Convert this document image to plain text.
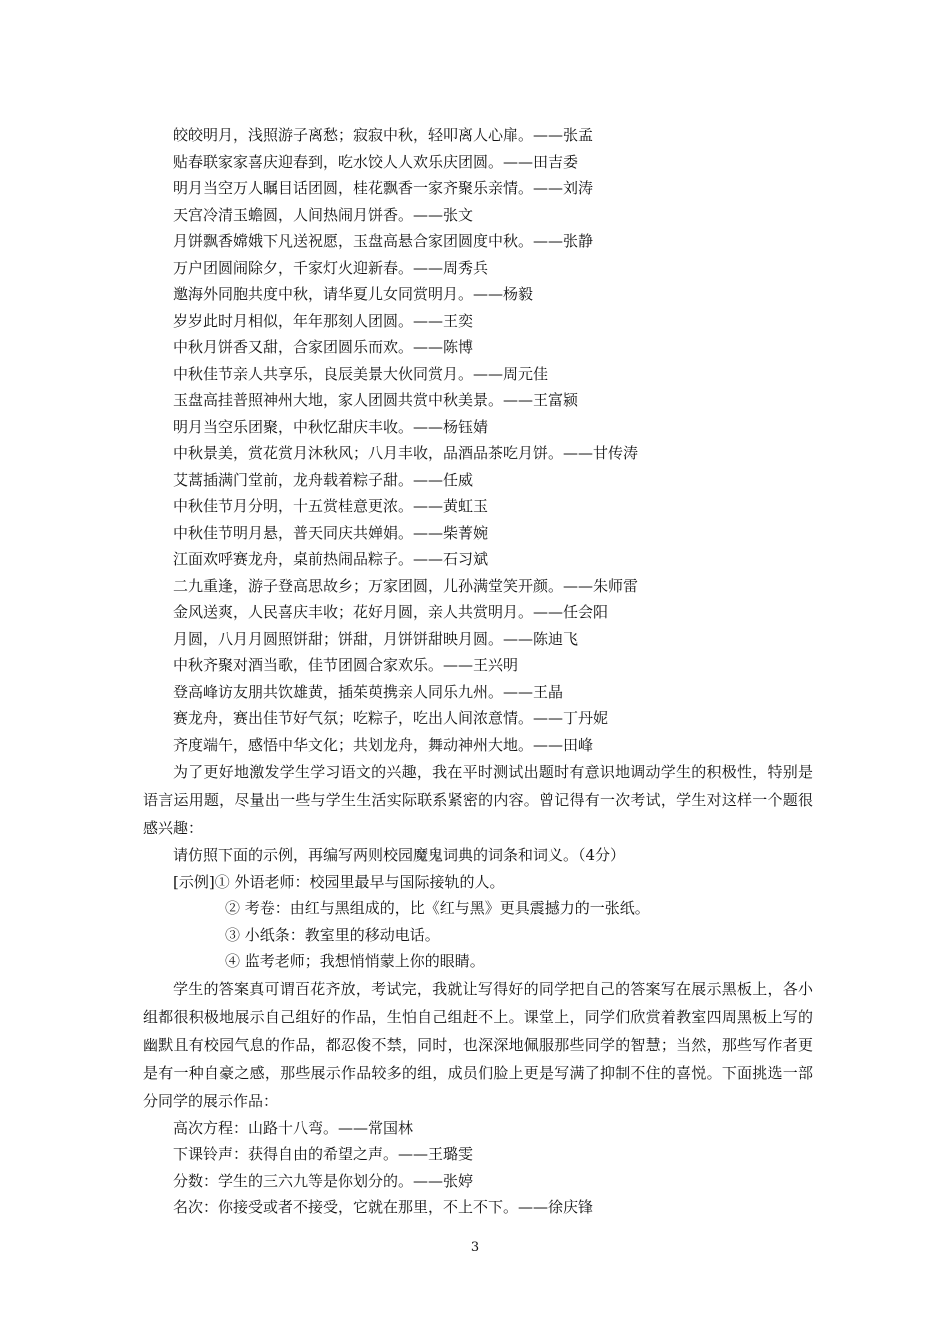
皎皎明月，浅照游子离愁；寂寂中秋，轻叩离人心扉。——张孟
贴春联家家喜庆迎春到，吃水饺人人欢乐庆团圆。——田吉委
明月当空万人瞩目话团圆，桂花飘香一家齐聚乐亲情。——刘涛
天宫冷清玉蟾圆，人间热闹月饼香。——张文
月饼飘香嫦娥下凡送祝愿，玉盘高悬合家团圆度中秋。——张静
万户团圆闹除夕，千家灯火迎新春。——周秀兵
邀海外同胞共度中秋，请华夏儿女同赏明月。——杨毅
岁岁此时月相似，年年那刻人团圆。——王奕
中秋月饼香又甜，合家团圆乐而欢。——陈博
中秋佳节亲人共享乐，良辰美景大伙同赏月。——周元佳
玉盘高挂普照神州大地，家人团圆共赏中秋美景。——王富颍
明月当空乐团聚，中秋忆甜庆丰收。——杨钰婧
中秋景美，赏花赏月沐秋风；八月丰收，品酒品茶吃月饼。——甘传涛
艾蒿插满门堂前，龙舟载着粽子甜。——任威
中秋佳节月分明，十五赏桂意更浓。——黄虹玉
中秋佳节明月悬，普天同庆共婵娟。——柴菁婉
江面欢呼赛龙舟，桌前热闹品粽子。——石习斌
二九重逢，游子登高思故乡；万家团圆，儿孙满堂笑开颜。——朱师雷
金风送爽，人民喜庆丰收；花好月圆，亲人共赏明月。——任会阳
月圆，八月月圆照饼甜；饼甜，月饼饼甜映月圆。——陈迪飞
中秋齐聚对酒当歌，佳节团圆合家欢乐。——王兴明
登高峰访友朋共饮雄黄，插茱萸携亲人同乐九州。——王晶
赛龙舟，赛出佳节好气氛；吃粽子，吃出人间浓意情。——丁丹妮
齐度端午，感悟中华文化；共划龙舟，舞动神州大地。——田峰
为了更好地激发学生学习语文的兴趣，我在平时测试出题时有意识地调动学生的积极性，特别是语言运用题，尽量出一些与学生生活实际联系紧密的内容。曾记得有一次考试，学生对这样一个题很感兴趣：
请仿照下面的示例，再编写两则校园魔鬼词典的词条和词义。（4分）
[示例]① 外语老师：校园里最早与国际接轨的人。
② 考卷：由红与黑组成的，比《红与黑》更具震撼力的一张纸。
③ 小纸条：教室里的移动电话。
④ 监考老师；我想悄悄蒙上你的眼睛。
学生的答案真可谓百花齐放，考试完，我就让写得好的同学把自己的答案写在展示黑板上，各小组都很积极地展示自己组好的作品，生怕自己组赶不上。课堂上，同学们欣赏着教室四周黑板上写的幽默且有校园气息的作品，都忍俊不禁，同时，也深深地佩服那些同学的智慧；当然，那些写作者更是有一种自豪之感，那些展示作品较多的组，成员们脸上更是写满了抑制不住的喜悦。下面挑选一部分同学的展示作品：
高次方程：山路十八弯。——常国林
下课铃声：获得自由的希望之声。——王璐雯
分数：学生的三六九等是你划分的。——张婷
名次：你接受或者不接受，它就在那里，不上不下。——徐庆锋
3
